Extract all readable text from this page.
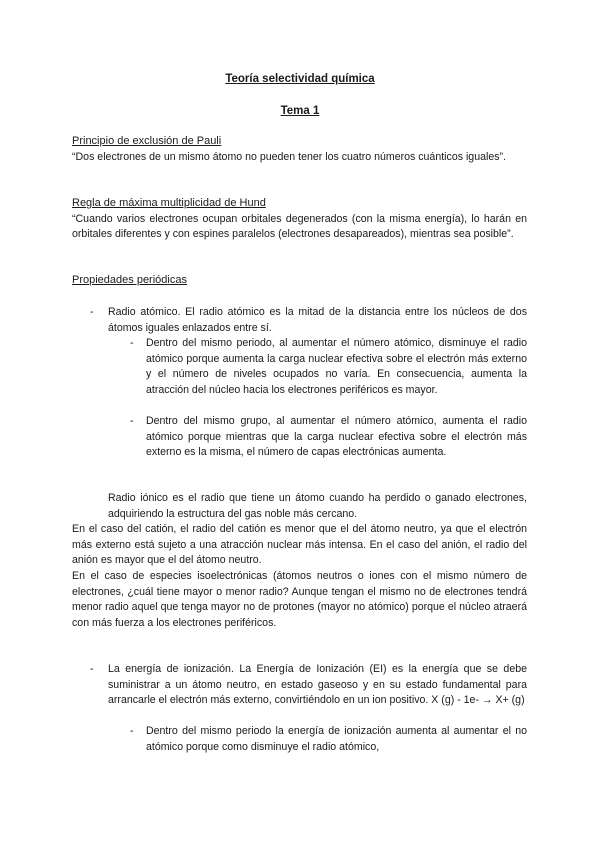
Teoría selectividad química
Tema 1

Principio de exclusión de Pauli

“Dos electrones de un mismo átomo no pueden tener los cuatro números cuánticos iguales”.

Regla de máxima multiplicidad de Hund

“Cuando varios electrones ocupan orbitales degenerados (con la misma energía), lo harán en orbitales diferentes y con espines paralelos (electrones desapareados), mientras sea posible”.

Propiedades periódicas

- Radio atómico. El radio atómico es la mitad de la distancia entre los núcleos de dos átomos iguales enlazados entre sí.
- Dentro del mismo periodo, al aumentar el número atómico, disminuye el radio atómico porque aumenta la carga nuclear efectiva sobre el electrón más externo y el número de niveles ocupados no varía. En consecuencia, aumenta la atracción del núcleo hacia los electrones periféricos es mayor.
- Dentro del mismo grupo, al aumentar el número atómico, aumenta el radio atómico porque mientras que la carga nuclear efectiva sobre el electrón más externo es la misma, el número de capas electrónicas aumenta.
Radio iónico es el radio que tiene un átomo cuando ha perdido o ganado electrones, adquiriendo la estructura del gas noble más cercano.
En el caso del catión, el radio del catión es menor que el del átomo neutro, ya que el electrón más externo está sujeto a una atracción nuclear más intensa. En el caso del anión, el radio del anión es mayor que el del átomo neutro.
En el caso de especies isoelectrónicas (átomos neutros o iones con el mismo número de electrones, ¿cuál tiene mayor o menor radio? Aunque tengan el mismo no de electrones tendrá menor radio aquel que tenga mayor no de protones (mayor no atómico) porque el núcleo atraerá con más fuerza a los electrones periféricos.
- La energía de ionización. La Energía de Ionización (EI) es la energía que se debe suministrar a un átomo neutro, en estado gaseoso y en su estado fundamental para arrancarle el electrón más externo, convirtiéndolo en un ion positivo. X (g) - 1e- → X+ (g)
- Dentro del mismo periodo la energía de ionización aumenta al aumentar el no atómico porque como disminuye el radio atómico,
